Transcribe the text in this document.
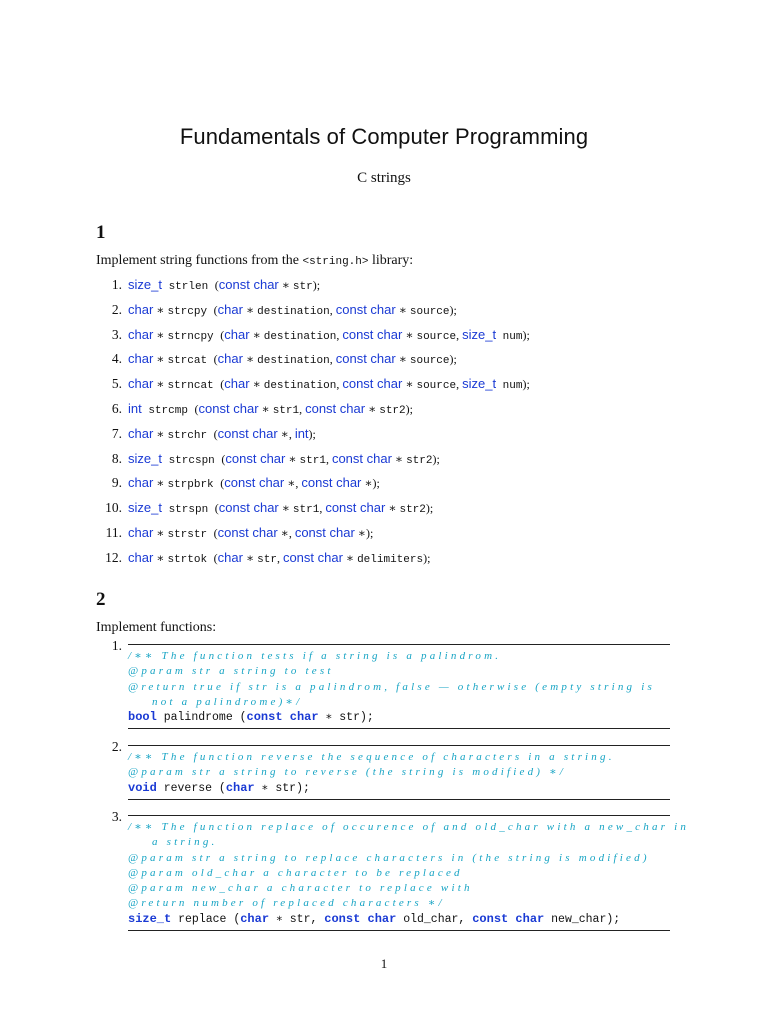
Fundamentals of Computer Programming
C strings
1
Implement string functions from the <string.h> library:
1. size_t strlen (const char ∗ str);
2. char ∗ strcpy (char ∗ destination, const char ∗ source);
3. char ∗ strncpy (char ∗ destination, const char ∗ source, size_t num);
4. char ∗ strcat (char ∗ destination, const char ∗ source);
5. char ∗ strncat (char ∗ destination, const char ∗ source, size_t num);
6. int strcmp (const char ∗ str1, const char ∗ str2);
7. char ∗ strchr (const char ∗, int);
8. size_t strcspn (const char ∗ str1, const char ∗ str2);
9. char ∗ strpbrk (const char ∗, const char ∗);
10. size_t strspn (const char ∗ str1, const char ∗ str2);
11. char ∗ strstr (const char ∗, const char ∗);
12. char ∗ strtok (char ∗ str, const char ∗ delimiters);
2
Implement functions:
1.
/∗∗ The function tests if a string is a palindrom.
@param str a string to test
@return true if str is a palindrom, false — otherwise (empty string is
not a palindrome)∗/
bool palindrome (const char ∗ str);
2.
/∗∗ The function reverse the sequence of characters in a string.
@param str a string to reverse (the string is modified) ∗/
void reverse (char ∗ str);
3.
/∗∗ The function replace of occurence of and old_char with a new_char in
a string.
@param str a string to replace characters in (the string is modified)
@param old_char a character to be replaced
@param new_char a character to replace with
@return number of replaced characters ∗/
size_t replace (char ∗ str, const char old_char, const char new_char);
1
